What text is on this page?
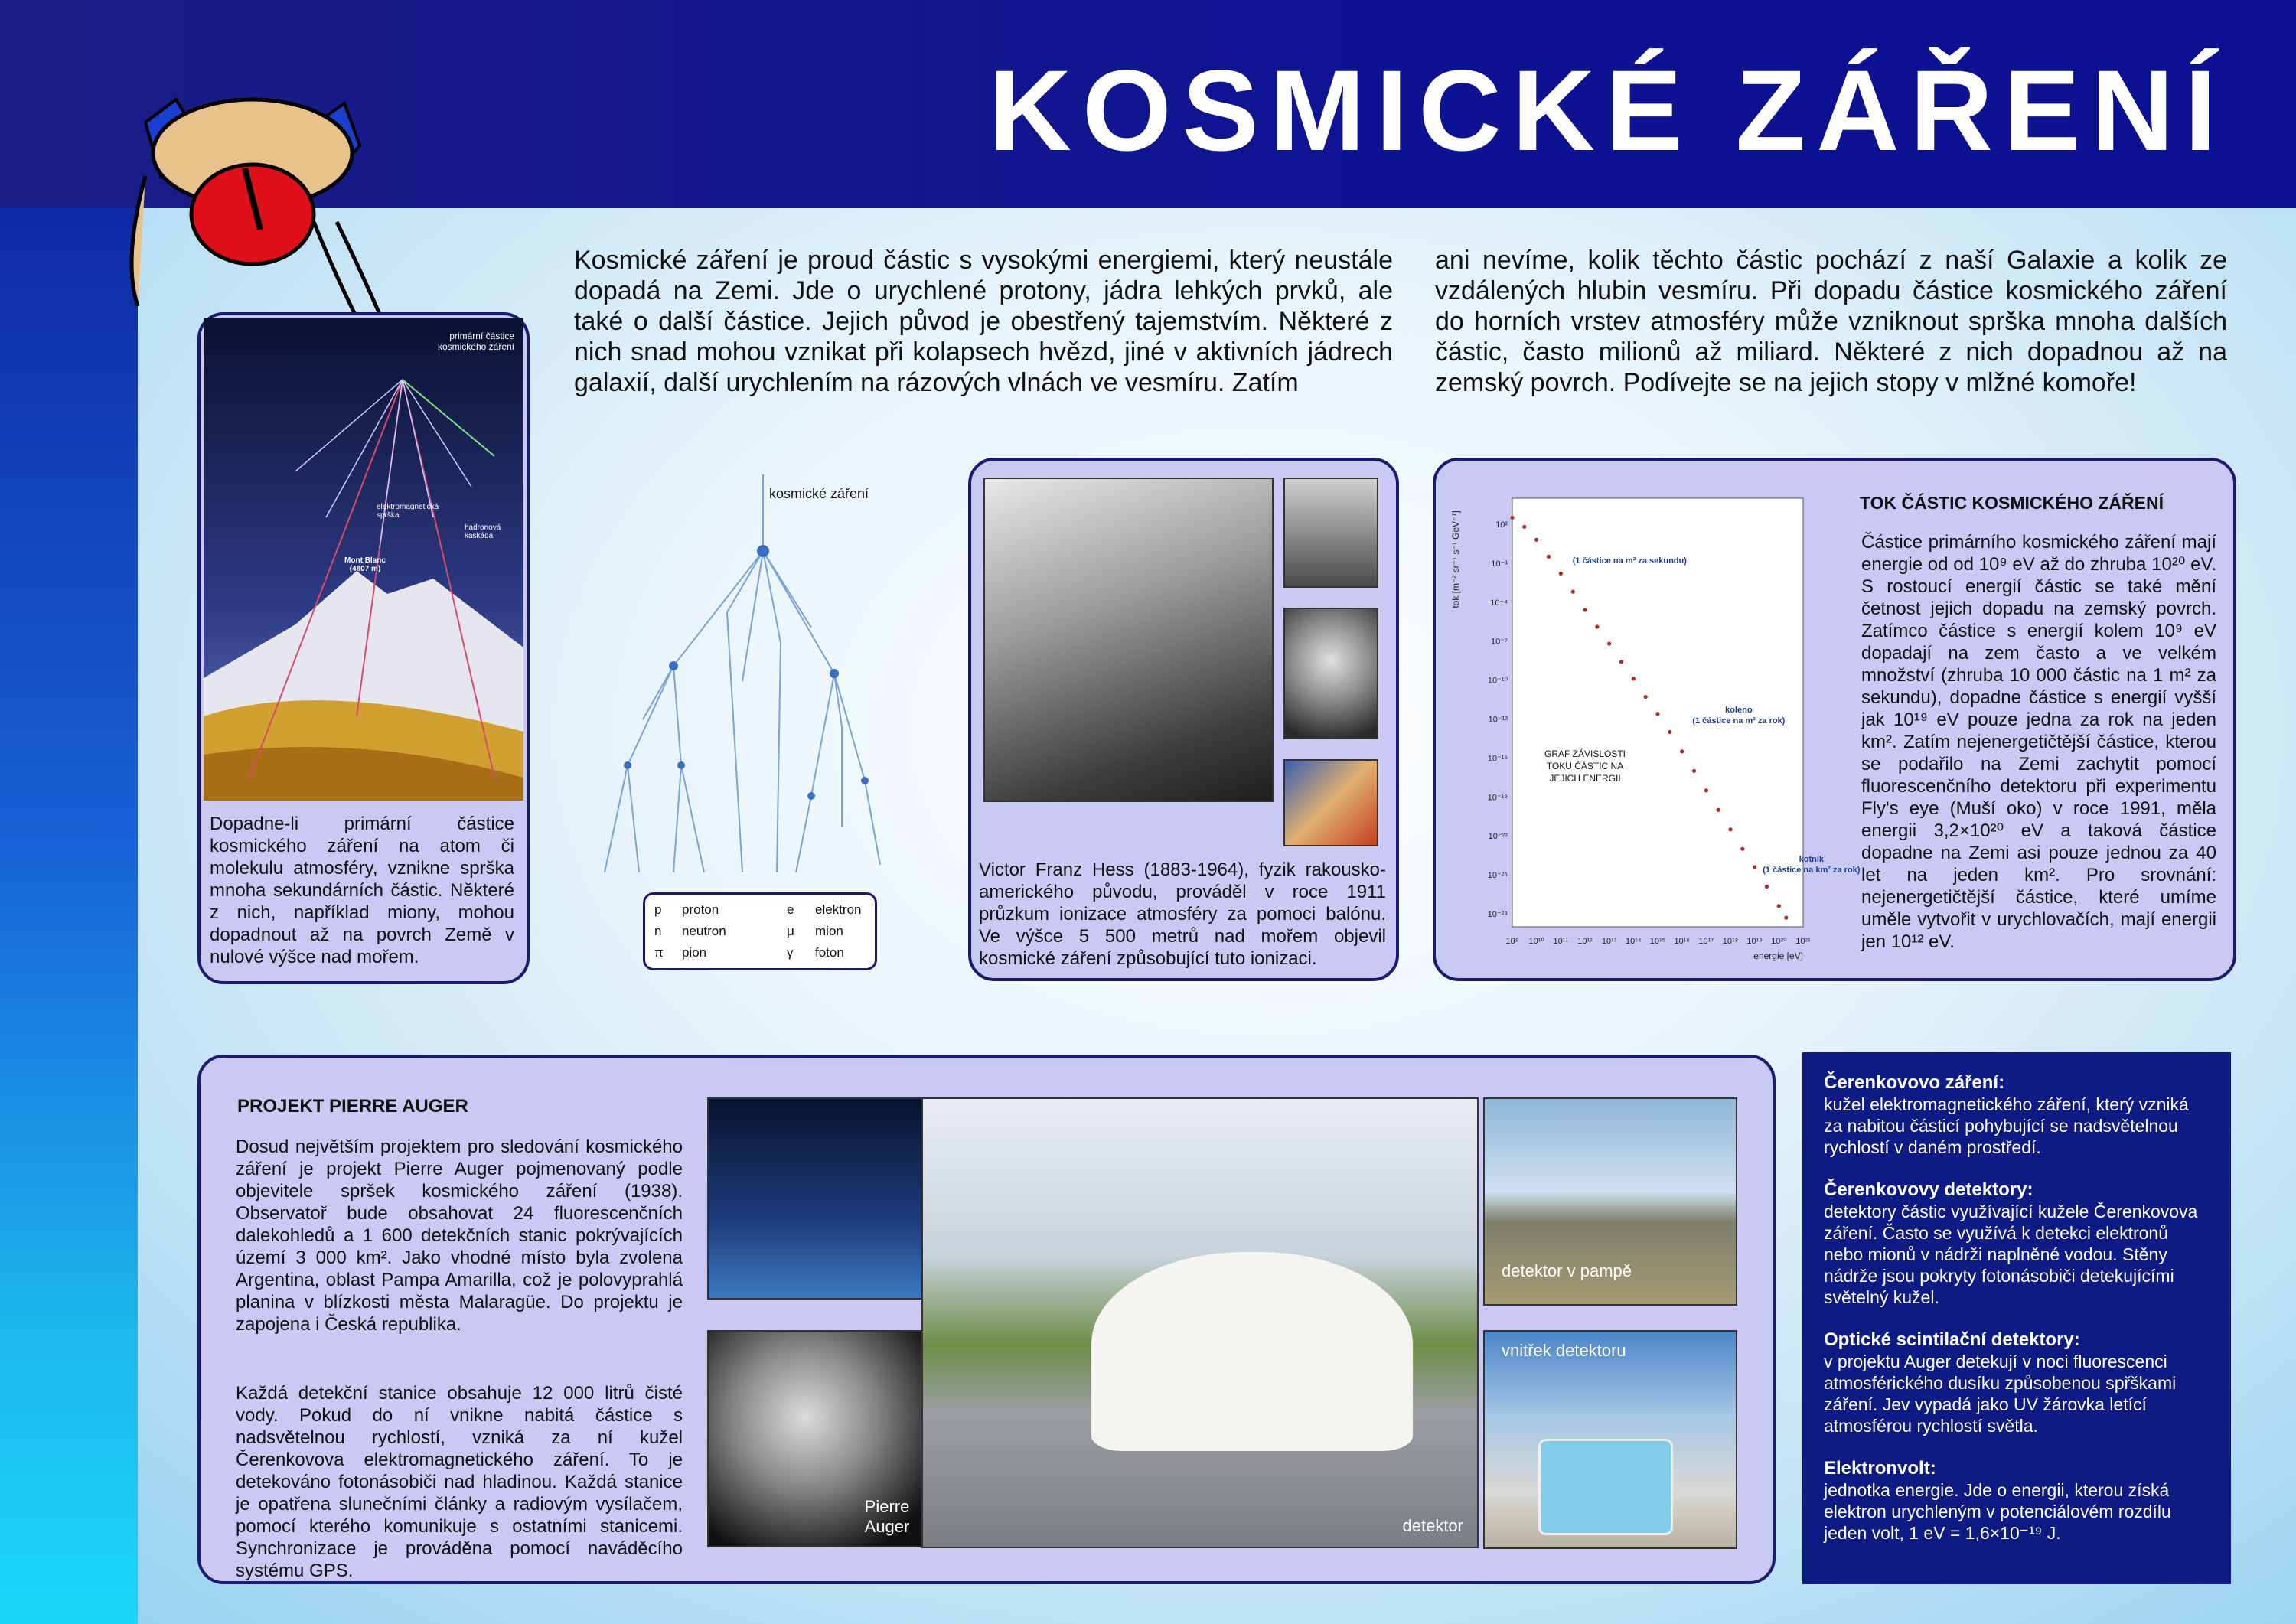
KOSMICKÉ ZÁŘENÍ
Kosmické záření je proud částic s vysokými energiemi, který neustále dopadá na Zemi. Jde o urychlené protony, jádra lehkých prvků, ale také o další částice. Jejich původ je obestřený tajemstvím. Některé z nich snad mohou vznikat při kolapsech hvězd, jiné v aktivních jádrech galaxií, další urychlením na rázových vlnách ve vesmíru. Zatím
ani nevíme, kolik těchto částic pochází z naší Galaxie a kolik ze vzdálených hlubin vesmíru. Při dopadu částice kosmického záření do horních vrstev atmosféry může vzniknout sprška mnoha dalších částic, často milionů až miliard. Některé z nich dopadnou až na zemský povrch. Podívejte se na jejich stopy v mlžné komoře!
primární částice kosmického záření
elektromagnetická sprška
hadronová kaskáda
Mont Blanc (4807 m)
Dopadne-li primární částice kosmického záření na atom či molekulu atmosféry, vznikne sprška mnoha sekundárních částic. Některé z nich, například miony, mohou dopadnout až na povrch Země v nulové výšce nad mořem.
kosmické záření
p proton	e elektron
n neutron	μ mion
π pion	γ foton
Victor Franz Hess (1883-1964), fyzik rakousko-amerického původu, prováděl v roce 1911 průzkum ionizace atmosféry za pomoci balónu. Ve výšce 5 500 metrů nad mořem objevil kosmické záření způsobující tuto ionizaci.
10⁹ 10¹⁰ 10¹¹ 10¹² 10¹³ 10¹⁴ 10¹⁵ 10¹⁶ 10¹⁷ 10¹⁸ 10¹⁹ 10²⁰ 10²¹
10²
10⁻¹
10⁻⁴
10⁻⁷
10⁻¹⁰
10⁻¹³
10⁻¹⁶
10⁻¹⁹
10⁻²²
10⁻²⁵
10⁻²⁸
energie [eV]
tok [m⁻² sr⁻¹ s⁻¹ GeV⁻¹]
GRAF ZÁVISLOSTI
TOKU ČÁSTIC NA
JEJICH ENERGII
(1 částice na m² za sekundu)
koleno
(1 částice na m² za rok)
kotník
(1 částice na km² za rok)
TOK ČÁSTIC KOSMICKÉHO ZÁŘENÍ
Částice primárního kosmického záření mají energie od od 10⁹ eV až do zhruba 10²⁰ eV. S rostoucí energií částic se také mění četnost jejich dopadu na zemský povrch. Zatímco částice s energií kolem 10⁹ eV dopadají na zem často a ve velkém množství (zhruba 10 000 částic na 1 m² za sekundu), dopadne částice s energií vyšší jak 10¹⁹ eV pouze jedna za rok na jeden km². Zatím nejenergetičtější částice, kterou se podařilo na Zemi zachytit pomocí fluorescenčního detektoru při experimentu Fly's eye (Muší oko) v roce 1991, měla energii 3,2×10²⁰ eV a taková částice dopadne na Zemi asi pouze jednou za 40 let na jeden km². Pro srovnání: nejenergetičtější částice, které umíme uměle vytvořit v urychlovačích, mají energii jen 10¹² eV.
PROJEKT PIERRE AUGER
Dosud největším projektem pro sledování kosmického záření je projekt Pierre Auger pojmenovaný podle objevitele spršek kosmického záření (1938). Observatoř bude obsahovat 24 fluorescenčních dalekohledů a 1 600 detekčních stanic pokrývajících území 3 000 km². Jako vhodné místo byla zvolena Argentina, oblast Pampa Amarilla, což je polovyprahlá planina v blízkosti města Malaragüe. Do projektu je zapojena i Česká republika.
Každá detekční stanice obsahuje 12 000 litrů čisté vody. Pokud do ní vnikne nabitá částice s nadsvětelnou rychlostí, vzniká za ní kužel Čerenkovova elektromagnetického záření. To je detekováno fotonásobiči nad hladinou. Každá stanice je opatřena slunečními články a radiovým vysílačem, pomocí kterého komunikuje s ostatními stanicemi. Synchronizace je prováděna pomocí naváděcího systému GPS.
Pierre Auger	detektor
detektor v pampě
vnitřek detektoru

Čerenkovovo záření:

kužel elektromagnetického záření, který vzniká za nabitou částicí pohybující se nadsvětelnou rychlostí v daném prostředí.

Čerenkovovy detektory:

detektory částic využívající kužele Čerenkovova záření. Často se využívá k detekci elektronů nebo mionů v nádrži naplněné vodou. Stěny nádrže jsou pokryty fotonásobiči detekujícími světelný kužel.

Optické scintilační detektory:

v projektu Auger detekují v noci fluorescenci atmosférického dusíku způsobenou spřškami záření. Jev vypadá jako UV žárovka letící atmosférou rychlostí světla.

Elektronvolt:

jednotka energie. Jde o energii, kterou získá elektron urychleným v potenciálovém rozdílu jeden volt, 1 eV = 1,6×10⁻¹⁹ J.
